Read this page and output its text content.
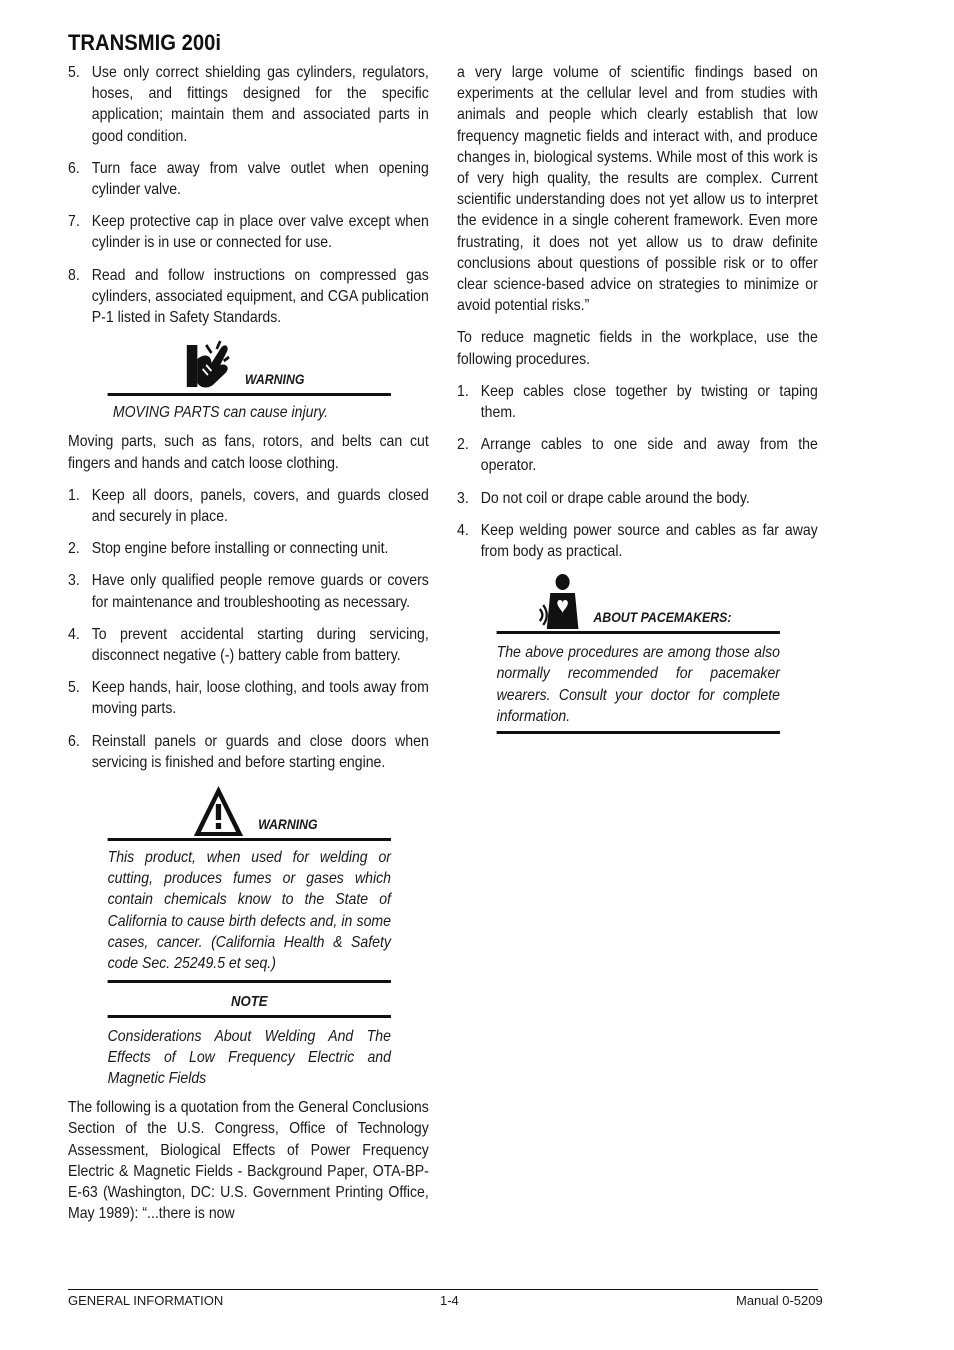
TRANSMIG 200i
5. Use only correct shielding gas cylinders, regulators, hoses, and fittings designed for the specific application; maintain them and associated parts in good condition.
6. Turn face away from valve outlet when opening cylinder valve.
7. Keep protective cap in place over valve except when cylinder is in use or connected for use.
8. Read and follow instructions on compressed gas cylinders, associated equipment, and CGA publication P-1 listed in Safety Standards.
WARNING
MOVING PARTS can cause injury.

Moving parts, such as fans, rotors, and belts can cut fingers and hands and catch loose clothing.

1. Keep all doors, panels, covers, and guards closed and securely in place.
2. Stop engine before installing or connecting unit.
3. Have only qualified people remove guards or covers for maintenance and troubleshooting as necessary.
4. To prevent accidental starting during servicing, disconnect negative (-) battery cable from battery.
5. Keep hands, hair, loose clothing, and tools away from moving parts.
6. Reinstall panels or guards and close doors when servicing is finished and before starting engine.
WARNING
This product, when used for welding or cutting, produces fumes or gases which contain chemicals know to the State of California to cause birth defects and, in some cases, cancer. (California Health & Safety code Sec. 25249.5 et seq.)
NOTE
Considerations About Welding And The Effects of Low Frequency Electric and Magnetic Fields

The following is a quotation from the General Conclusions Section of the U.S. Congress, Office of Technology Assessment, Biological Effects of Power Frequency Electric & Magnetic Fields - Background Paper, OTA-BP-E-63 (Washington, DC: U.S. Government Printing Office, May 1989): “...there is now

a very large volume of scientific findings based on experiments at the cellular level and from studies with animals and people which clearly establish that low frequency magnetic fields and interact with, and produce changes in, biological systems. While most of this work is of very high quality, the results are complex. Current scientific understanding does not yet allow us to interpret the evidence in a single coherent framework. Even more frustrating, it does not yet allow us to draw definite conclusions about questions of possible risk or to offer clear science-based advice on strategies to minimize or avoid potential risks.”

To reduce magnetic fields in the workplace, use the following procedures.

1. Keep cables close together by twisting or taping them.
2. Arrange cables to one side and away from the operator.
3. Do not coil or drape cable around the body.
4. Keep welding power source and cables as far away from body as practical.
ABOUT PACEMAKERS:
The above procedures are among those also normally recommended for pacemaker wearers. Consult your doctor for complete information.
GENERAL INFORMATION	1-4	Manual 0-5209
